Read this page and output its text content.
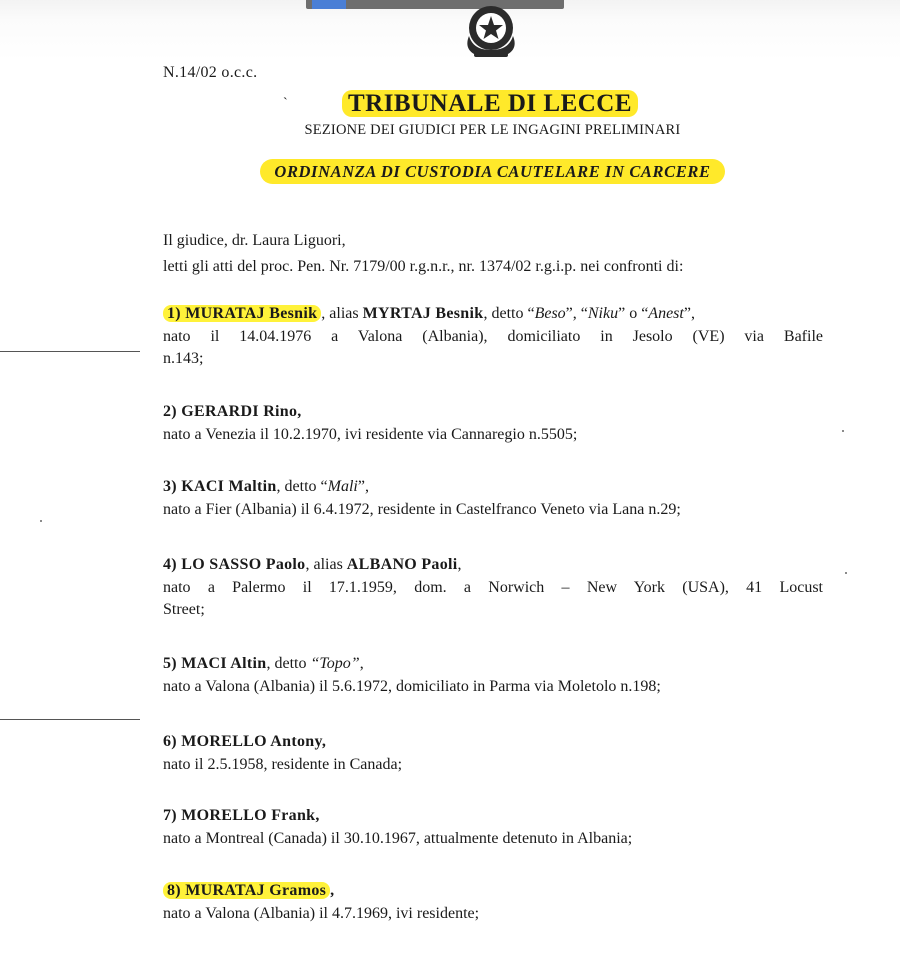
N.14/02 o.c.c.
ˋ	TRIBUNALE DI LECCE
SEZIONE DEI GIUDICI PER LE INGAGINI PRELIMINARI
ORDINANZA DI CUSTODIA CAUTELARE IN CARCERE
Il giudice, dr. Laura Liguori,
letti gli atti del proc. Pen. Nr. 7179/00 r.g.n.r., nr. 1374/02 r.g.i.p. nei confronti di:
1) MURATAJ Besnik , alias MYRTAJ Besnik, detto “Beso”, “Niku” o “Anest”,
nato il 14.04.1976 a Valona (Albania), domiciliato in Jesolo (VE) via Bafile
n.143;
2) GERARDI Rino,
nato a Venezia il 10.2.1970, ivi residente via Cannaregio n.5505;
3) KACI Maltin, detto “Mali”,
nato a Fier (Albania) il 6.4.1972, residente in Castelfranco Veneto via Lana n.29;
4) LO SASSO Paolo, alias ALBANO Paoli,
nato a Palermo il 17.1.1959, dom. a Norwich – New York (USA), 41 Locust
Street;
5) MACI Altin, detto “Topo”,
nato a Valona (Albania) il 5.6.1972, domiciliato in Parma via Moletolo n.198;
6) MORELLO Antony,
nato il 2.5.1958, residente in Canada;
7) MORELLO Frank,
nato a Montreal (Canada) il 30.10.1967, attualmente detenuto in Albania;
8) MURATAJ Gramos ,
nato a Valona (Albania) il 4.7.1969, ivi residente;
